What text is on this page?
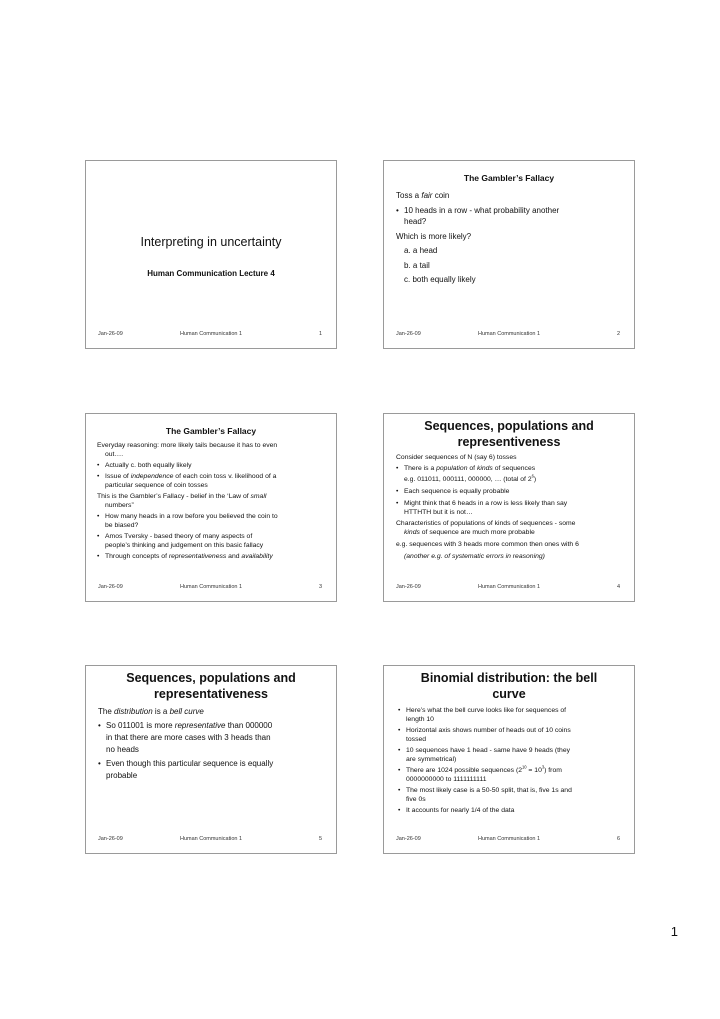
Interpreting in uncertainty
Human Communication Lecture 4
Jan-26-09	Human Communication 1	1
The Gambler’s Fallacy
Toss a fair coin
• 10 heads in a row - what probability another
head?
Which is more likely?
a. a head
b. a tail
c. both equally likely
Jan-26-09	Human Communication 1	2
The Gambler’s Fallacy
Everyday reasoning: more likely tails because it has to even
out….
• Actually c. both equally likely
• Issue of independence of each coin toss v. likelihood of a
particular sequence of coin tosses
This is the Gambler’s Fallacy - belief in the ‘Law of small
numbers”
• How many heads in a row before you believed the coin to
be biased?
• Amos Tversky - based theory of many aspects of
people’s thinking and judgement on this basic fallacy
• Through concepts of representativeness and availability
Jan-26-09	Human Communication 1	3
Sequences, populations and
representiveness
Consider sequences of N (say 6) tosses
• There is a population of kinds of sequences
e.g. 011011, 000111, 000000, … (total of $2^6$)
• Each sequence is equally probable
• Might think that 6 heads in a row is less likely than say
HTTHTH but it is not…
Characteristics of populations of kinds of sequences - some
kinds of sequence are much more probable
e.g. sequences with 3 heads more common then ones with 6
(another e.g. of systematic errors in reasoning)
Jan-26-09	Human Communication 1	4
Sequences, populations and
representativeness
The distribution is a bell curve
• So 011001 is more representative than 000000
in that there are more cases with 3 heads than
no heads
• Even though this particular sequence is equally
probable
Jan-26-09	Human Communication 1	5
Binomial distribution: the bell
curve
• Here’s what the bell curve looks like for sequences of
length 10
• Horizontal axis shows number of heads out of 10 coins
tossed
• 10 sequences have 1 head - same have 9 heads (they
are symmetrical)
• There are 1024 possible sequences $(2^{10} = 10^3)$ from
0000000000 to 1111111111
• The most likely case is a 50-50 split, that is, five 1s and
five 0s
• It accounts for nearly 1/4 of the data
Jan-26-09	Human Communication 1	6
1
